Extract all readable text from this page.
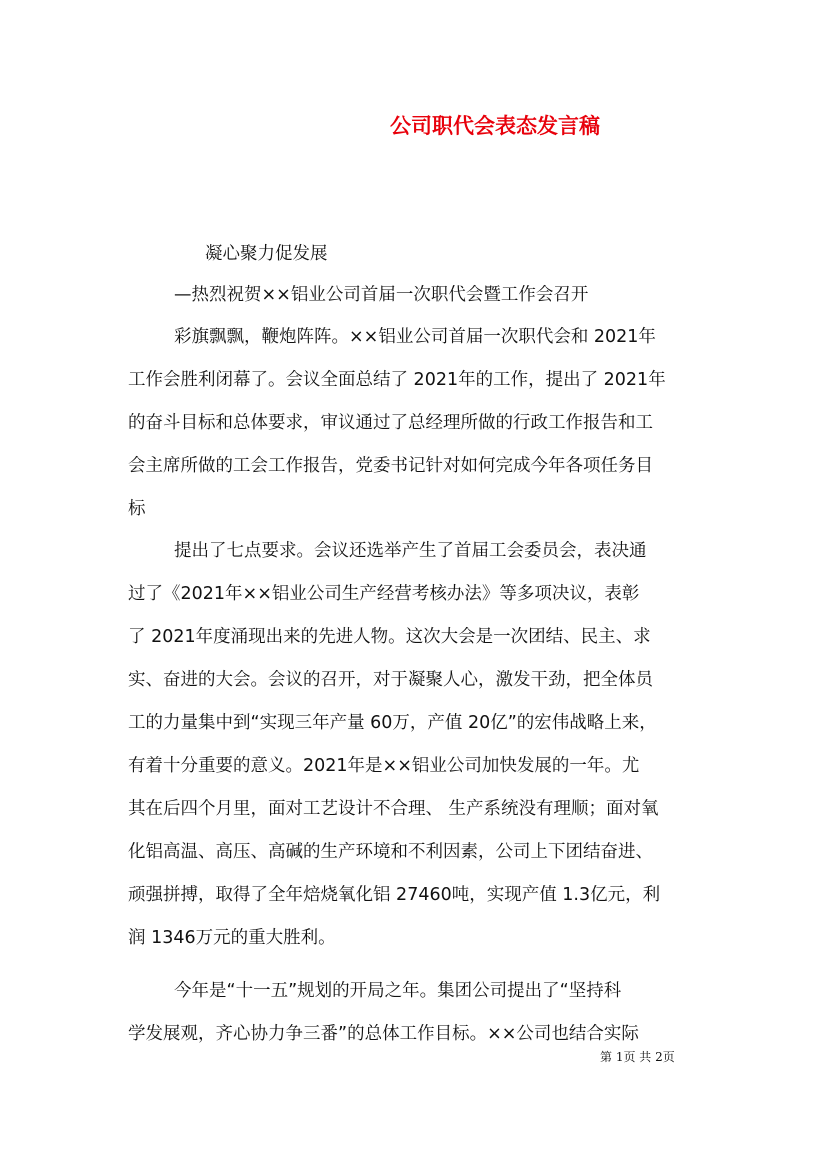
公司职代会表态发言稿
凝心聚力促发展
—热烈祝贺××铝业公司首届一次职代会暨工作会召开
彩旗飘飘，鞭炮阵阵。××铝业公司首届一次职代会和 2021年
工作会胜利闭幕了。会议全面总结了 2021年的工作，提出了 2021年
的奋斗目标和总体要求，审议通过了总经理所做的行政工作报告和工
会主席所做的工会工作报告，党委书记针对如何完成今年各项任务目
标
提出了七点要求。会议还选举产生了首届工会委员会，表决通
过了《2021年××铝业公司生产经营考核办法》等多项决议，表彰
了 2021年度涌现出来的先进人物。这次大会是一次团结、民主、求
实、奋进的大会。会议的召开，对于凝聚人心，激发干劲，把全体员
工的力量集中到“实现三年产量 60万，产值 20亿”的宏伟战略上来，
有着十分重要的意义。2021年是××铝业公司加快发展的一年。尤
其在后四个月里，面对工艺设计不合理、 生产系统没有理顺；面对氧
化铝高温、高压、高碱的生产环境和不利因素，公司上下团结奋进、
顽强拼搏，取得了全年焙烧氧化铝 27460吨，实现产值 1.3亿元，利
润 1346万元的重大胜利。
今年是“十一五”规划的开局之年。集团公司提出了“坚持科
学发展观，齐心协力争三番”的总体工作目标。××公司也结合实际
第 1页 共 2页
